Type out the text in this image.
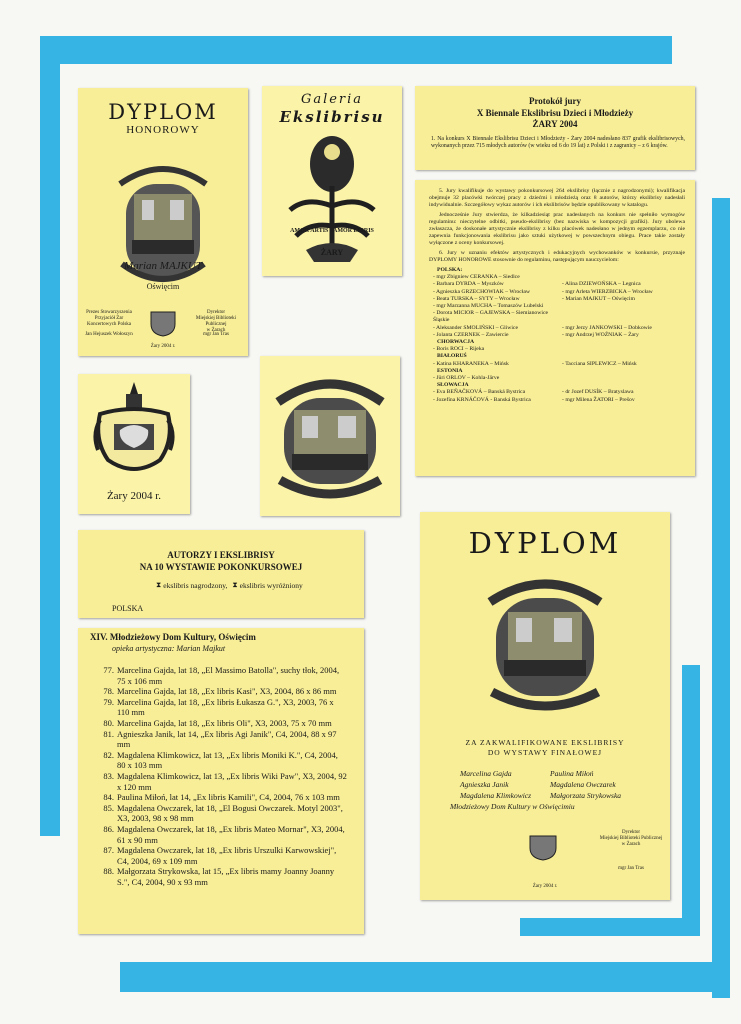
DYPLOM
HONOROWY
Marian MAJKUT
Oświęcim
Prezes Stowarzyszenia
Przyjaciół Żar
Koncertowych Polska
Jan Hejuszek Wołoszyn
Dyrektor
Miejskiej Biblioteki Publicznej
w Żarach
mgr Jan Tras
Żary 2004 r.
Galeria
Ekslibrisu
AMOR ARTIS · AMOR LIBRIS
ŻARY
Protokół jury
X Biennale Ekslibrisu Dzieci i Młodzieży ŻARY 2004
1. Na konkurs X Biennale Ekslibrisu Dzieci i Młodzieży - Żary 2004 nadesłano 837 grafik ekslibrisowych, wykonanych przez 715 młodych autorów (w wieku od 6 do 19 lat) z Polski i z zagranicy – z 6 krajów.

5. Jury kwalifikuje do wystawy pokonkursowej 264 ekslibrisy (łącznie z nagrodzonymi); kwalifikacja obejmuje 32 placówki twórczej pracy z dziećmi i młodzieżą oraz 8 autorów, którzy ekslibrisy nadesłali indywidualnie. Szczegółowy wykaz autorów i ich ekslibrisów będzie opublikowany w katalogu.

Jednocześnie Jury stwierdza, że kilkadziesiąt prac nadesłanych na konkurs nie spełniło wymogów regulaminu: nieczytelne odbitki, pseudo-ekslibrisy (bez nazwiska w kompozycji grafiki). Jury ubolewa zwłaszcza, że doskonałe artystycznie ekslibrisy z kilku placówek nadesłano w jednym egzemplarzu, co nie zapewnia funkcjonowania ekslibrisu jako sztuki użytkowej w powszechnym obiegu. Prace takie zostały wyłączone z oceny konkursowej.

6. Jury w uznaniu efektów artystycznych i edukacyjnych wychowanków w konkursie, przyznaje DYPLOMY HONOROWE stosownie do regulaminu, następującym nauczycielom:

POLSKA:
- mgr Zbigniew CERANKA – Siedlce
- Barbara DYRDA – Myszków	- Alina DZIEWOŃSKA – Legnica
- Agnieszka GRZECHOWIAK – Wrocław	- mgr Arleta WIERZBICKA – Wrocław
- Beata TURSKA – SYTY – Wrocław	- Marian MAJKUT – Oświęcim
- mgr Marzanna MUCHA – Tomaszów Lubelski
- Dorota MICIOR – GAJEWSKA – Siemianowice Śląskie
- Aleksander SMOLIŃSKI – Gliwice	- mgr Jerzy JANKOWSKI – Dobkowie
- Jolanta CZERNEK – Zawiercie	- mgr Andrzej WOŹNIAK – Żary
CHORWACJA
- Boris ROCI – Rijeka
BIAŁORUŚ
- Katina KHARANEKA – Mińsk	- Tacciana SIPLEWICZ – Mińsk
ESTONIA
- Jüri ORLOV – Kohla-Järve
SŁOWACJA
- Eva BEŇAČKOVÁ – Banská Bystrica	- dr Jozef DUSÍK – Bratyslawa
- Jozefína KRNÁČOVÁ - Banská Bystrica	- mgr Milena ŽATORI – Prešov
Żary 2004 r.
AUTORZY I EKSLIBRISY
NA 10 WYSTAWIE POKONKURSOWEJ
⧗ ekslibris nagrodzony, ⧗ ekslibris wyróżniony
POLSKA
XIV. Młodzieżowy Dom Kultury, Oświęcim
opieka artystyczna: Marian Majkut
77. Marcelina Gajda, lat 18, „El Massimo Batolla", suchy tłok, 2004, 75 x 106 mm
78. Marcelina Gajda, lat 18, „Ex libris Kasi", X3, 2004, 86 x 86 mm
79. Marcelina Gajda, lat 18, „Ex libris Łukasza G.", X3, 2003, 76 x 110 mm
80. Marcelina Gajda, lat 18, „Ex libris Oli", X3, 2003, 75 x 70 mm
81. Agnieszka Janik, lat 14, „Ex libris Agi Janik", C4, 2004, 88 x 97 mm
82. Magdalena Klimkowicz, lat 13, „Ex libris Moniki K.", C4, 2004, 80 x 103 mm
83. Magdalena Klimkowicz, lat 13, „Ex libris Wiki Paw", X3, 2004, 92 x 120 mm
84. Paulina Miłoń, lat 14, „Ex libris Kamili", C4, 2004, 76 x 103 mm
85. Magdalena Owczarek, lat 18, „El Bogusi Owczarek. Motyl 2003", X3, 2003, 98 x 98 mm
86. Magdalena Owczarek, lat 18, „Ex libris Mateo Mornar", X3, 2004, 61 x 90 mm
87. Magdalena Owczarek, lat 18, „Ex libris Urszulki Karwowskiej", C4, 2004, 69 x 109 mm
88. Małgorzata Strykowska, lat 15, „Ex libris mamy Joanny Joanny S.", C4, 2004, 90 x 93 mm
DYPLOM
ZA ZAKWALIFIKOWANE EKSLIBRISY
DO WYSTAWY FINAŁOWEJ
Marcelina Gajda	Paulina Miłoń
Agnieszka Janik	Magdalena Owczarek
Magdalena Klimkowicz	Małgorzata Strykowska
Młodzieżowy Dom Kultury w Oświęcimiu
Dyrektor
Miejskiej Biblioteki Publicznej
w Żarach
mgr Jan Tras
Żary 2004 r.
